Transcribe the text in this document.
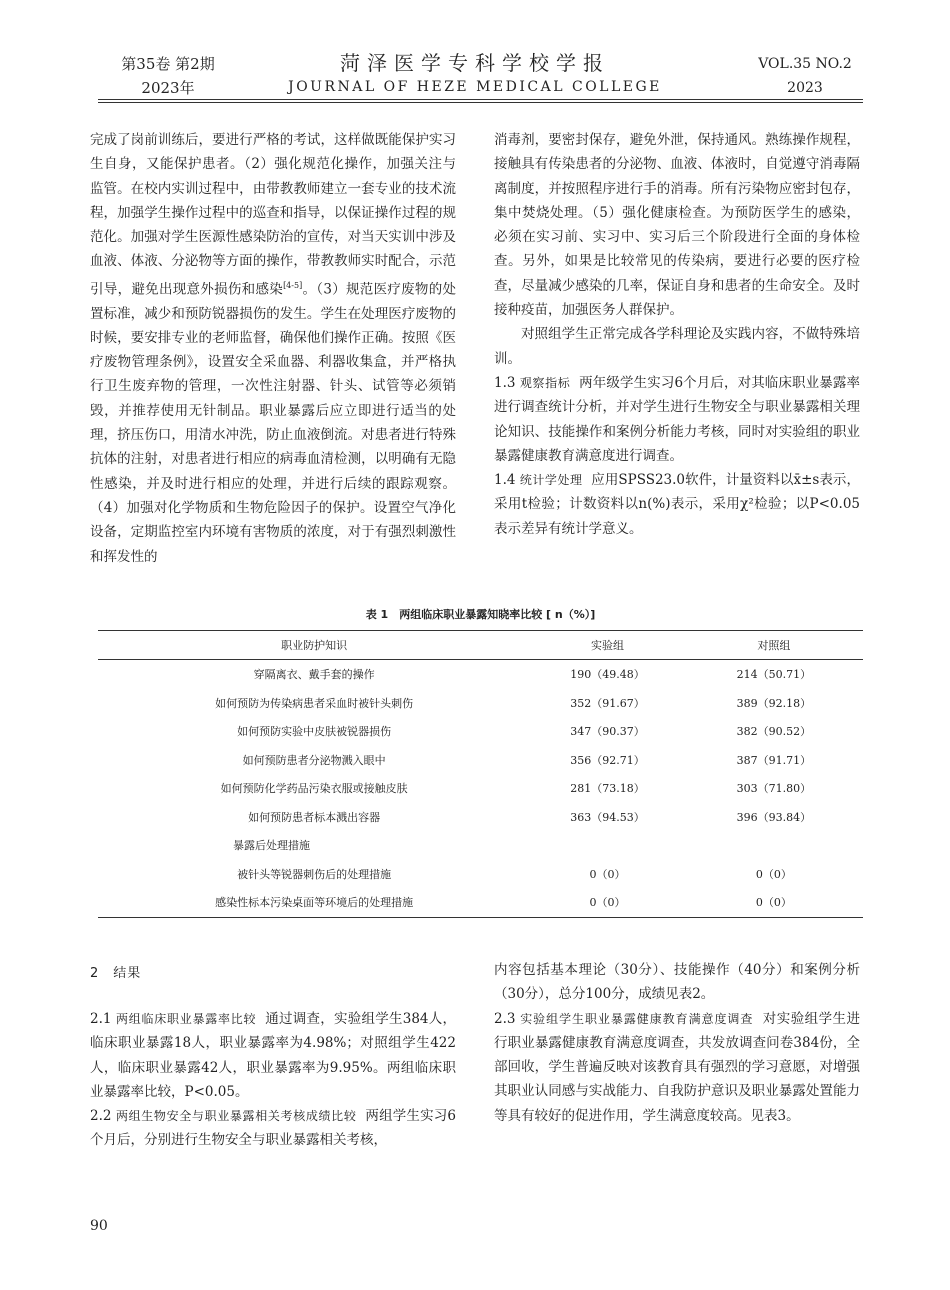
第35卷 第2期
2023年
菏泽医学专科学校学报
JOURNAL OF HEZE MEDICAL COLLEGE
VOL.35 NO.2
2023

完成了岗前训练后，要进行严格的考试，这样做既能保护实习生自身，又能保护患者。（2）强化规范化操作，加强关注与监管。在校内实训过程中，由带教教师建立一套专业的技术流程，加强学生操作过程中的巡查和指导，以保证操作过程的规范化。加强对学生医源性感染防治的宣传，对当天实训中涉及血液、体液、分泌物等方面的操作，带教教师实时配合，示范引导，避免出现意外损伤和感染[4-5]。（3）规范医疗废物的处置标准，减少和预防锐器损伤的发生。学生在处理医疗废物的时候，要安排专业的老师监督，确保他们操作正确。按照《医疗废物管理条例》，设置安全采血器、利器收集盒，并严格执行卫生废弃物的管理，一次性注射器、针头、试管等必须销毁，并推荐使用无针制品。职业暴露后应立即进行适当的处理，挤压伤口，用清水冲洗，防止血液倒流。对患者进行特殊抗体的注射，对患者进行相应的病毒血清检测，以明确有无隐性感染，并及时进行相应的处理，并进行后续的跟踪观察。（4）加强对化学物质和生物危险因子的保护。设置空气净化设备，定期监控室内环境有害物质的浓度，对于有强烈刺激性和挥发性的

消毒剂，要密封保存，避免外泄，保持通风。熟练操作规程，接触具有传染患者的分泌物、血液、体液时，自觉遵守消毒隔离制度，并按照程序进行手的消毒。所有污染物应密封包存，集中焚烧处理。（5）强化健康检查。为预防医学生的感染，必须在实习前、实习中、实习后三个阶段进行全面的身体检查。另外，如果是比较常见的传染病，要进行必要的医疗检查，尽量减少感染的几率，保证自身和患者的生命安全。及时接种疫苗，加强医务人群保护。

对照组学生正常完成各学科理论及实践内容，不做特殊培训。

1.3 观察指标 两年级学生实习6个月后，对其临床职业暴露率进行调查统计分析，并对学生进行生物安全与职业暴露相关理论知识、技能操作和案例分析能力考核，同时对实验组的职业暴露健康教育满意度进行调查。

1.4 统计学处理 应用SPSS23.0软件，计量资料以x̄±s表示，采用t检验；计数资料以n(%)表示，采用χ²检验；以P<0.05表示差异有统计学意义。

表 1　两组临床职业暴露知晓率比较 [ n（%）]
职业防护知识	实验组	对照组
穿隔离衣、戴手套的操作	190（49.48）	214（50.71）
如何预防为传染病患者采血时被针头刺伤	352（91.67）	389（92.18）
如何预防实验中皮肤被锐器损伤	347（90.37）	382（90.52）
如何预防患者分泌物溅入眼中	356（92.71）	387（91.71）
如何预防化学药品污染衣服或接触皮肤	281（73.18）	303（71.80）
如何预防患者标本溅出容器	363（94.53）	396（93.84）
暴露后处理措施		
被针头等锐器刺伤后的处理措施	0（0）	0（0）
感染性标本污染桌面等环境后的处理措施	0（0）	0（0）
2　结果

2.1 两组临床职业暴露率比较 通过调查，实验组学生384人，临床职业暴露18人，职业暴露率为4.98%；对照组学生422人，临床职业暴露42人，职业暴露率为9.95%。两组临床职业暴露率比较，P<0.05。

2.2 两组生物安全与职业暴露相关考核成绩比较 两组学生实习6个月后，分别进行生物安全与职业暴露相关考核，

内容包括基本理论（30分）、技能操作（40分）和案例分析（30分），总分100分，成绩见表2。

2.3 实验组学生职业暴露健康教育满意度调查 对实验组学生进行职业暴露健康教育满意度调查，共发放调查问卷384份，全部回收，学生普遍反映对该教育具有强烈的学习意愿，对增强其职业认同感与实战能力、自我防护意识及职业暴露处置能力等具有较好的促进作用，学生满意度较高。见表3。

90
